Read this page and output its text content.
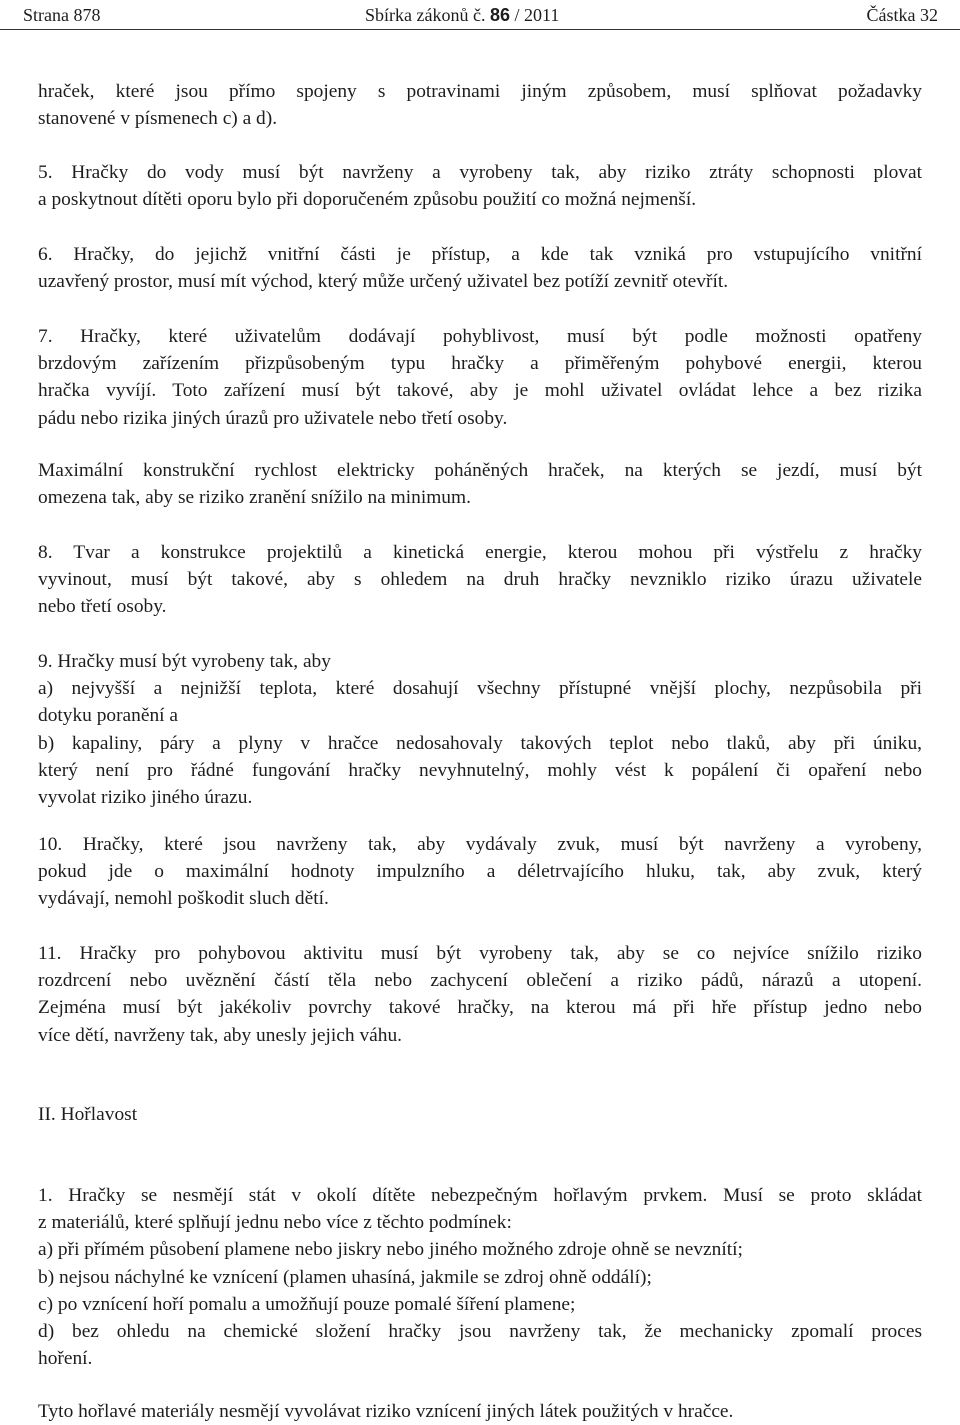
Strana 878	Sbírka zákonů č. 86 / 2011	Částka 32
hraček, které jsou přímo spojeny s potravinami jiným způsobem, musí splňovat požadavky
stanovené v písmenech c) a d).
5. Hračky do vody musí být navrženy a vyrobeny tak, aby riziko ztráty schopnosti plovat
a poskytnout dítěti oporu bylo při doporučeném způsobu použití co možná nejmenší.
6. Hračky, do jejichž vnitřní části je přístup, a kde tak vzniká pro vstupujícího vnitřní
uzavřený prostor, musí mít východ, který může určený uživatel bez potíží zevnitř otevřít.
7. Hračky, které uživatelům dodávají pohyblivost, musí být podle možnosti opatřeny
brzdovým zařízením přizpůsobeným typu hračky a přiměřeným pohybové energii, kterou
hračka vyvíjí. Toto zařízení musí být takové, aby je mohl uživatel ovládat lehce a bez rizika
pádu nebo rizika jiných úrazů pro uživatele nebo třetí osoby.
Maximální konstrukční rychlost elektricky poháněných hraček, na kterých se jezdí, musí být
omezena tak, aby se riziko zranění snížilo na minimum.
8. Tvar a konstrukce projektilů a kinetická energie, kterou mohou při výstřelu z hračky
vyvinout, musí být takové, aby s ohledem na druh hračky nevzniklo riziko úrazu uživatele
nebo třetí osoby.
9. Hračky musí být vyrobeny tak, aby
a) nejvyšší a nejnižší teplota, které dosahují všechny přístupné vnější plochy, nezpůsobila při
dotyku poranění a
b) kapaliny, páry a plyny v hračce nedosahovaly takových teplot nebo tlaků, aby při úniku,
který není pro řádné fungování hračky nevyhnutelný, mohly vést k popálení či opaření nebo
vyvolat riziko jiného úrazu.
10. Hračky, které jsou navrženy tak, aby vydávaly zvuk, musí být navrženy a vyrobeny,
pokud jde o maximální hodnoty impulzního a déletrvajícího hluku, tak, aby zvuk, který
vydávají, nemohl poškodit sluch dětí.
11. Hračky pro pohybovou aktivitu musí být vyrobeny tak, aby se co nejvíce snížilo riziko
rozdrcení nebo uvěznění částí těla nebo zachycení oblečení a riziko pádů, nárazů a utopení.
Zejména musí být jakékoliv povrchy takové hračky, na kterou má při hře přístup jedno nebo
více dětí, navrženy tak, aby unesly jejich váhu.
II. Hořlavost
1. Hračky se nesmějí stát v okolí dítěte nebezpečným hořlavým prvkem. Musí se proto skládat
z materiálů, které splňují jednu nebo více z těchto podmínek:
a) při přímém působení plamene nebo jiskry nebo jiného možného zdroje ohně se nevznítí;
b) nejsou náchylné ke vznícení (plamen uhasíná, jakmile se zdroj ohně oddálí);
c) po vznícení hoří pomalu a umožňují pouze pomalé šíření plamene;
d) bez ohledu na chemické složení hračky jsou navrženy tak, že mechanicky zpomalí proces
hoření.
Tyto hořlavé materiály nesmějí vyvolávat riziko vznícení jiných látek použitých v hračce.
